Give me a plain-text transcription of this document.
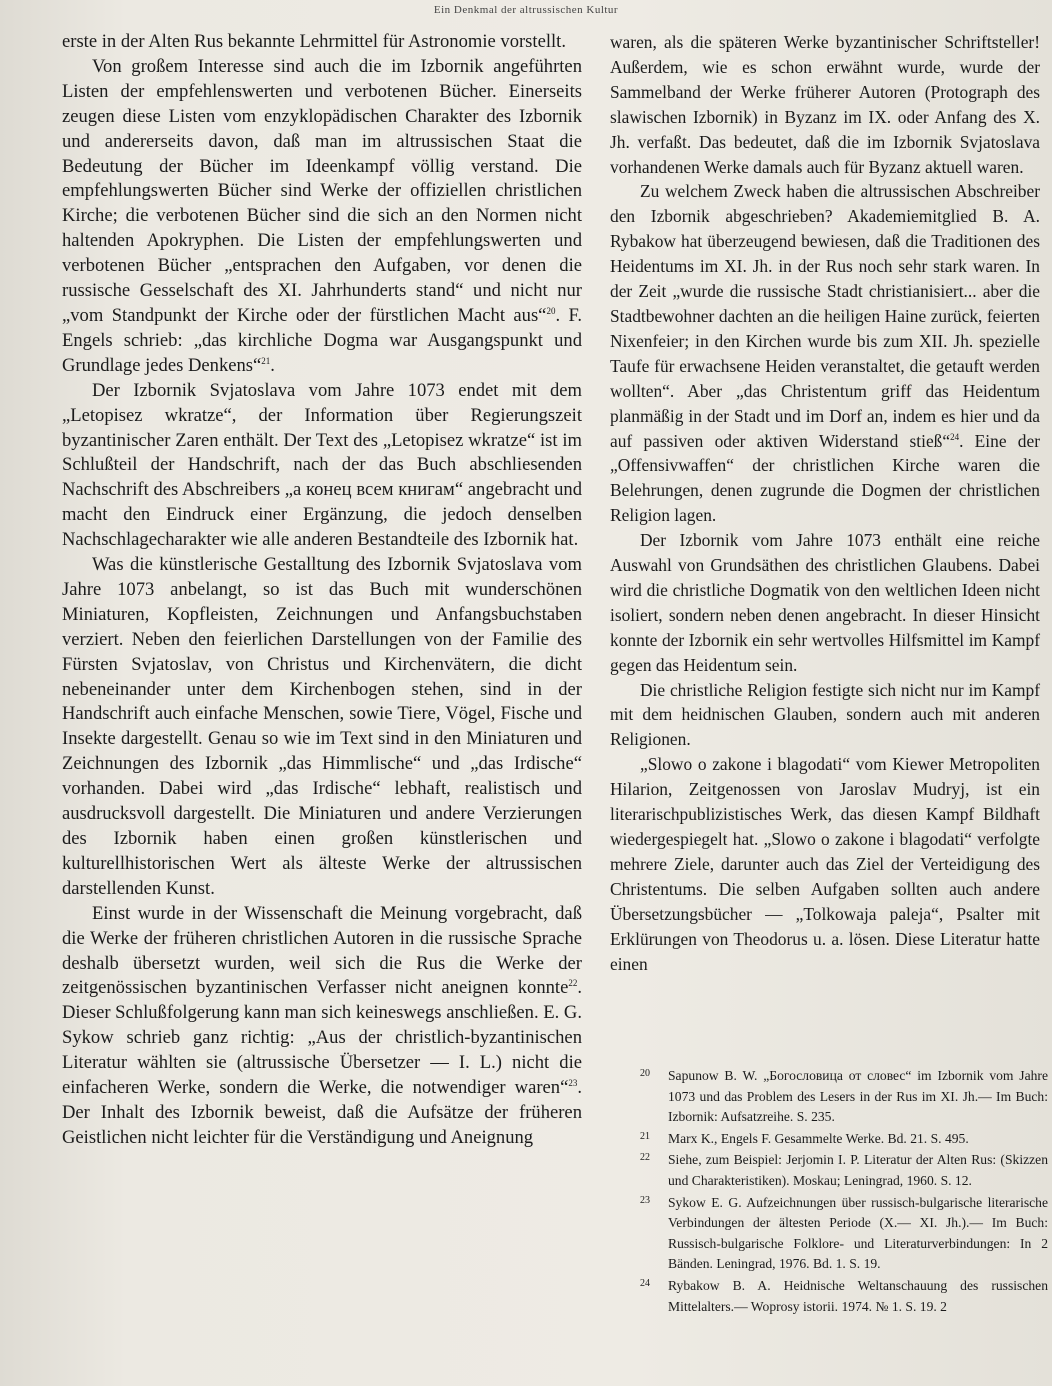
Ein Denkmal der altrussischen Kultur

erste in der Alten Rus bekannte Lehrmittel für Astronomie vorstellt.

Von großem Interesse sind auch die im Izbornik angeführten Listen der empfehlenswerten und verbotenen Bücher. Einerseits zeugen diese Listen vom enzyklopädischen Charakter des Izbornik und andererseits davon, daß man im altrussischen Staat die Bedeutung der Bücher im Ideenkampf völlig verstand. Die empfehlungswerten Bücher sind Werke der offiziellen christlichen Kirche; die verbotenen Bücher sind die sich an den Normen nicht haltenden Apokryphen. Die Listen der empfehlungswerten und verbotenen Bücher „entsprachen den Aufgaben, vor denen die russische Gesselschaft des XI. Jahrhunderts stand“ und nicht nur „vom Standpunkt der Kirche oder der fürstlichen Macht aus“$^{20}$. F. Engels schrieb: „das kirchliche Dogma war Ausgangspunkt und Grundlage jedes Denkens“$^{21}$.

Der Izbornik Svjatoslava vom Jahre 1073 endet mit dem „Letopisez wkratze“, der Information über Regierungszeit byzantinischer Zaren enthält. Der Text des „Letopisez wkratze“ ist im Schlußteil der Handschrift, nach der das Buch abschliesenden Nachschrift des Abschreibers „а конец всем книгам“ angebracht und macht den Eindruck einer Ergänzung, die jedoch denselben Nachschlagecharakter wie alle anderen Bestandteile des Izbornik hat.

Was die künstlerische Gestalltung des Izbornik Svjatoslava vom Jahre 1073 anbelangt, so ist das Buch mit wunderschönen Miniaturen, Kopfleisten, Zeichnungen und Anfangsbuchstaben verziert. Neben den feierlichen Darstellungen von der Familie des Fürsten Svjatoslav, von Christus und Kirchenvätern, die dicht nebeneinander unter dem Kirchenbogen stehen, sind in der Handschrift auch einfache Menschen, sowie Tiere, Vögel, Fische und Insekte dargestellt. Genau so wie im Text sind in den Miniaturen und Zeichnungen des Izbornik „das Himmlische“ und „das Irdische“ vorhanden. Dabei wird „das Irdische“ lebhaft, realistisch und ausdrucksvoll dargestellt. Die Miniaturen und andere Verzierungen des Izbornik haben einen großen künstlerischen und kulturellhistorischen Wert als älteste Werke der altrussischen darstellenden Kunst.

Einst wurde in der Wissenschaft die Meinung vorgebracht, daß die Werke der früheren christlichen Autoren in die russische Sprache deshalb übersetzt wurden, weil sich die Rus die Werke der zeitgenössischen byzantinischen Verfasser nicht aneignen konnte$^{22}$. Dieser Schlußfolgerung kann man sich keineswegs anschließen. E. G. Sykow schrieb ganz richtig: „Aus der christlich-byzantinischen Literatur wählten sie (altrussische Übersetzer — I. L.) nicht die einfacheren Werke, sondern die Werke, die notwendiger waren“$^{23}$. Der Inhalt des Izbornik beweist, daß die Aufsätze der früheren Geistlichen nicht leichter für die Verständigung und Aneignung

waren, als die späteren Werke byzantinischer Schriftsteller! Außerdem, wie es schon erwähnt wurde, wurde der Sammelband der Werke früherer Autoren (Protograph des slawischen Izbornik) in Byzanz im IX. oder Anfang des X. Jh. verfaßt. Das bedeutet, daß die im Izbornik Svjatoslava vorhandenen Werke damals auch für Byzanz aktuell waren.

Zu welchem Zweck haben die altrussischen Abschreiber den Izbornik abgeschrieben? Akademiemitglied B. A. Rybakow hat überzeugend bewiesen, daß die Traditionen des Heidentums im XI. Jh. in der Rus noch sehr stark waren. In der Zeit „wurde die russische Stadt christianisiert... aber die Stadtbewohner dachten an die heiligen Haine zurück, feierten Nixenfeier; in den Kirchen wurde bis zum XII. Jh. spezielle Taufe für erwachsene Heiden veranstaltet, die getauft werden wollten“. Aber „das Christentum griff das Heidentum planmäßig in der Stadt und im Dorf an, indem es hier und da auf passiven oder aktiven Widerstand stieß“$^{24}$. Eine der „Offensivwaffen“ der christlichen Kirche waren die Belehrungen, denen zugrunde die Dogmen der christlichen Religion lagen.

Der Izbornik vom Jahre 1073 enthält eine reiche Auswahl von Grundsäthen des christlichen Glaubens. Dabei wird die christliche Dogmatik von den weltlichen Ideen nicht isoliert, sondern neben denen angebracht. In dieser Hinsicht konnte der Izbornik ein sehr wertvolles Hilfsmittel im Kampf gegen das Heidentum sein.

Die christliche Religion festigte sich nicht nur im Kampf mit dem heidnischen Glauben, sondern auch mit anderen Religionen.

„Slowo o zakone i blagodati“ vom Kiewer Metropoliten Hilarion, Zeitgenossen von Jaroslav Mudryj, ist ein literarischpublizistisches Werk, das diesen Kampf Bildhaft wiedergespiegelt hat. „Slowo o zakone i blagodati“ verfolgte mehrere Ziele, darunter auch das Ziel der Verteidigung des Christentums. Die selben Aufgaben sollten auch andere Übersetzungsbücher — „Tolkowaja paleja“, Psalter mit Erklürungen von Theodorus u. a. lösen. Diese Literatur hatte einen

20 Sapunow B. W. „Богословица от словес“ im Izbornik vom Jahre 1073 und das Problem des Lesers in der Rus im XI. Jh.— Im Buch: Izbornik: Aufsatzreihe. S. 235.
21 Marx K., Engels F. Gesammelte Werke. Bd. 21. S. 495.
22 Siehe, zum Beispiel: Jerjomin I. P. Literatur der Alten Rus: (Skizzen und Charakteristiken). Moskau; Leningrad, 1960. S. 12.
23 Sykow E. G. Aufzeichnungen über russisch-bulgarische literarische Verbindungen der ältesten Periode (X.— XI. Jh.).— Im Buch: Russisch-bulgarische Folklore- und Literaturverbindungen: In 2 Bänden. Leningrad, 1976. Bd. 1. S. 19.
24 Rybakow B. A. Heidnische Weltanschauung des russischen Mittelalters.— Woprosy istorii. 1974. № 1. S. 19. 2
